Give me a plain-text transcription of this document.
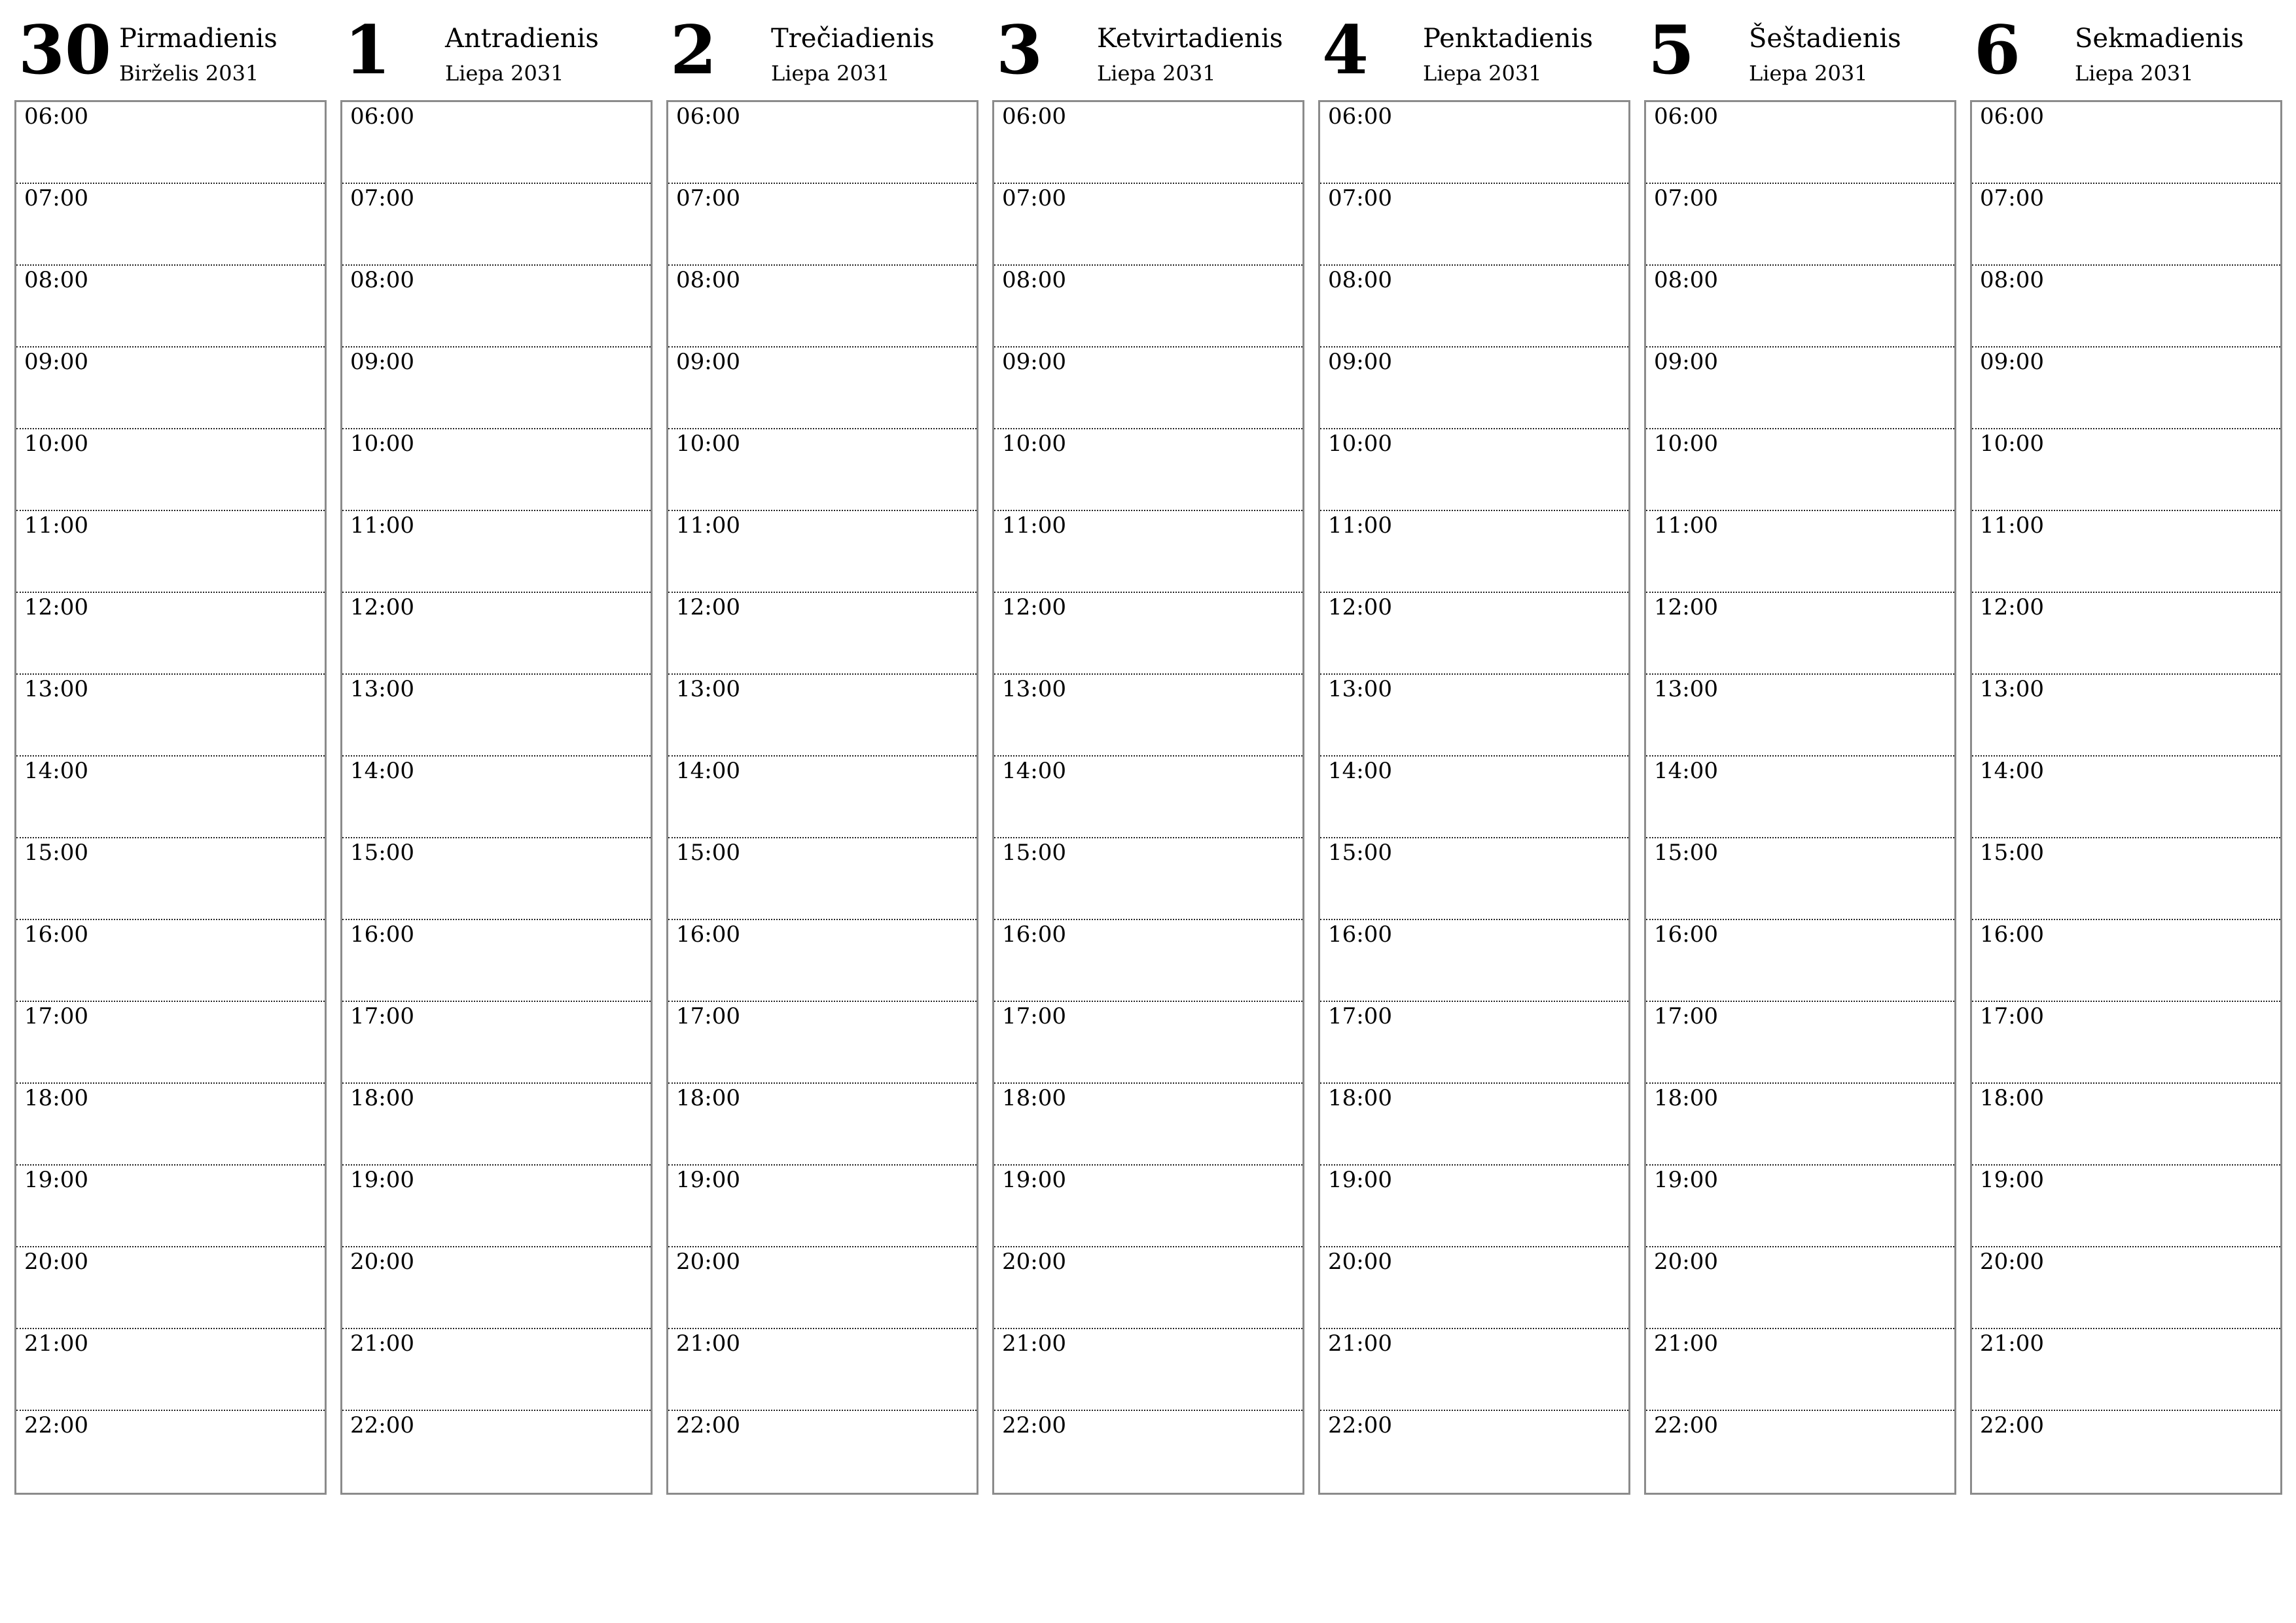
30 Pirmadienis
Birželis 2031
06:00
07:00
08:00
09:00
10:00
11:00
12:00
13:00
14:00
15:00
16:00
17:00
18:00
19:00
20:00
21:00
22:00
1 Antradienis
Liepa 2031
06:00
07:00
08:00
09:00
10:00
11:00
12:00
13:00
14:00
15:00
16:00
17:00
18:00
19:00
20:00
21:00
22:00
2 Trečiadienis
Liepa 2031
06:00
07:00
08:00
09:00
10:00
11:00
12:00
13:00
14:00
15:00
16:00
17:00
18:00
19:00
20:00
21:00
22:00
3 Ketvirtadienis
Liepa 2031
06:00
07:00
08:00
09:00
10:00
11:00
12:00
13:00
14:00
15:00
16:00
17:00
18:00
19:00
20:00
21:00
22:00
4 Penktadienis
Liepa 2031
06:00
07:00
08:00
09:00
10:00
11:00
12:00
13:00
14:00
15:00
16:00
17:00
18:00
19:00
20:00
21:00
22:00
5 Šeštadienis
Liepa 2031
06:00
07:00
08:00
09:00
10:00
11:00
12:00
13:00
14:00
15:00
16:00
17:00
18:00
19:00
20:00
21:00
22:00
6 Sekmadienis
Liepa 2031
06:00
07:00
08:00
09:00
10:00
11:00
12:00
13:00
14:00
15:00
16:00
17:00
18:00
19:00
20:00
21:00
22:00
